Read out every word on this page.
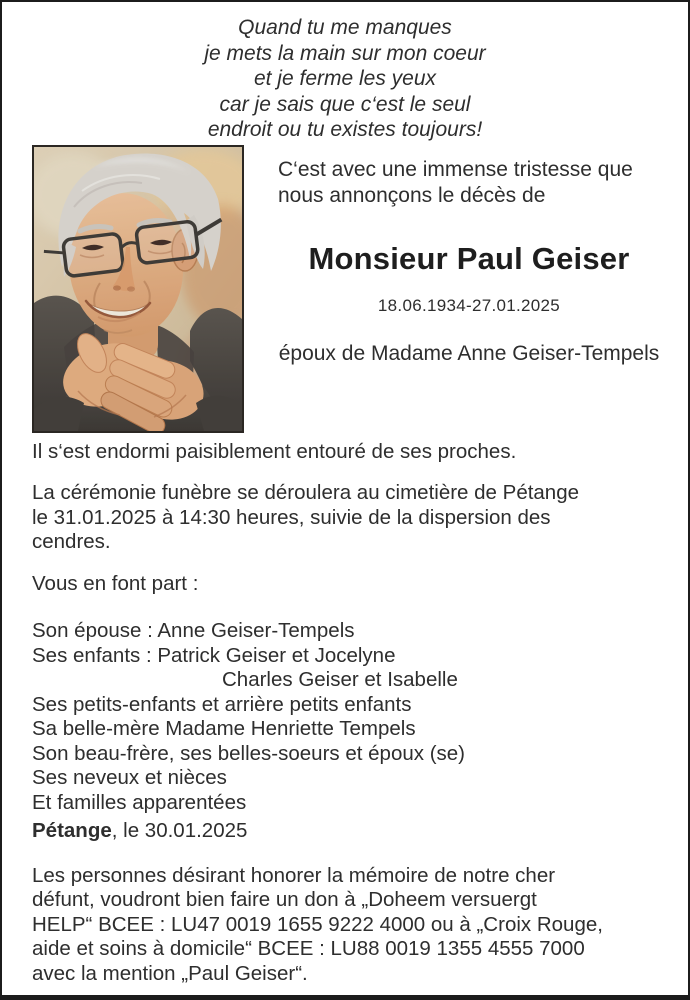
Quand tu me manques
je mets la main sur mon coeur
et je ferme les yeux
car je sais que c‘est le seul
endroit ou tu existes toujours!
C‘est avec une immense tristesse que
nous annonçons le décès de
Monsieur Paul Geiser
18.06.1934-27.01.2025
époux de Madame Anne Geiser-Tempels
Il s‘est endormi paisiblement entouré de ses proches.
La cérémonie funèbre se déroulera au cimetière de Pétange
le 31.01.2025 à 14:30 heures, suivie de la dispersion des
cendres.
Vous en font part :
Son épouse : Anne Geiser-Tempels
Ses enfants : Patrick Geiser et Jocelyne
Charles Geiser et Isabelle
Ses petits-enfants et arrière petits enfants
Sa belle-mère Madame Henriette Tempels
Son beau-frère, ses belles-soeurs et époux (se)
Ses neveux et nièces
Et familles apparentées
Pétange, le 30.01.2025
Les personnes désirant honorer la mémoire de notre cher
défunt, voudront bien faire un don à „Doheem versuergt
HELP“ BCEE : LU47 0019 1655 9222 4000 ou à „Croix Rouge,
aide et soins à domicile“ BCEE : LU88 0019 1355 4555 7000
avec la mention „Paul Geiser“.
